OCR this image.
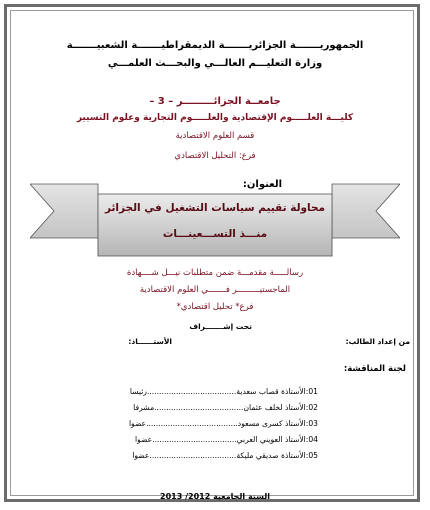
الجمهوريـــــــة الجزائريـــــــة الديمقراطيـــــــة الشعبيـــــــة
وزارة التعليـــم العالـــي والبحـــث العلمـــي
جامعــة الجزائـــــــــر – 3 –
كليـــة العلـــــوم الإقتصادية والعلـــــوم التجارية وعلوم التسيير
قسم العلوم الاقتصادية
فرع: التحليل الاقتصادي
العنوان:
محاولة تقييم سياسات التشغيل في الجزائر
منـــذ التســـعينـــات
رسالـــــة مقدمـــة ضمن متطلبات نيـــل شــــهادة
الماجستيـــــــــر فـــــــي العلوم الاقتصادية
فرع* تحليل اقتصادي*
تحت إشـــــــراف
من إعداد الطالب:
الأستــــــاذ:
لجنة المناقشة:
01:الأستاذة قصاب سعدية.....................................رئيسا
02:الأستاذ لخلف عثمان.....................................مشرفا
03:الأستاذ كسرى مسعود......................................عضوا
04:الأستاذ العويني العربي...................................عضوا
05:الأستاذة صديقي مليكة....................................عضوا
السنة الجامعية 2012/ 2013
